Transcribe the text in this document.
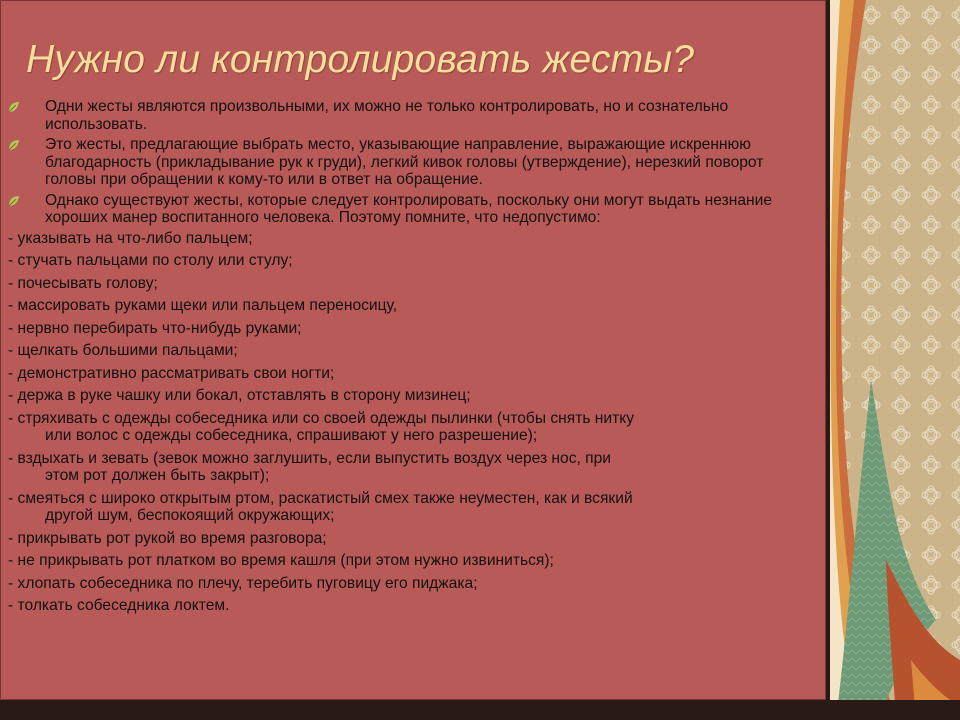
Нужно ли контролировать жесты?
Одни жесты являются произвольными, их можно не только контролировать, но и сознательно использовать.
Это жесты, предлагающие выбрать место, указывающие направление, выражающие искреннюю благодарность (прикладывание рук к груди), легкий кивок головы (утверждение), нерезкий поворот головы при обращении к кому-то или в ответ на обращение.
Однако существуют жесты, которые следует контролировать, поскольку они могут выдать незнание хороших манер воспитанного человека. Поэтому помните, что недопустимо:
- указывать на что-либо пальцем;
- стучать пальцами по столу или стулу;
- почесывать голову;
- массировать руками щеки или пальцем переносицу,
- нервно перебирать что-нибудь руками;
- щелкать большими пальцами;
- демонстративно рассматривать свои ногти;
- держа в руке чашку или бокал, отставлять в сторону мизинец;
- стряхивать с одежды собеседника или со своей одежды пылинки (чтобы снять нитку
или волос с одежды собеседника, спрашивают у него разрешение);
- вздыхать и зевать (зевок можно заглушить, если выпустить воздух через нос, при
этом рот должен быть закрыт);
- смеяться с широко открытым ртом, раскатистый смех также неуместен, как и всякий
другой шум, беспокоящий окружающих;
- прикрывать рот рукой во время разговора;
- не прикрывать рот платком во время кашля (при этом нужно извиниться);
- хлопать собеседника по плечу, теребить пуговицу его пиджака;
- толкать собеседника локтем.
